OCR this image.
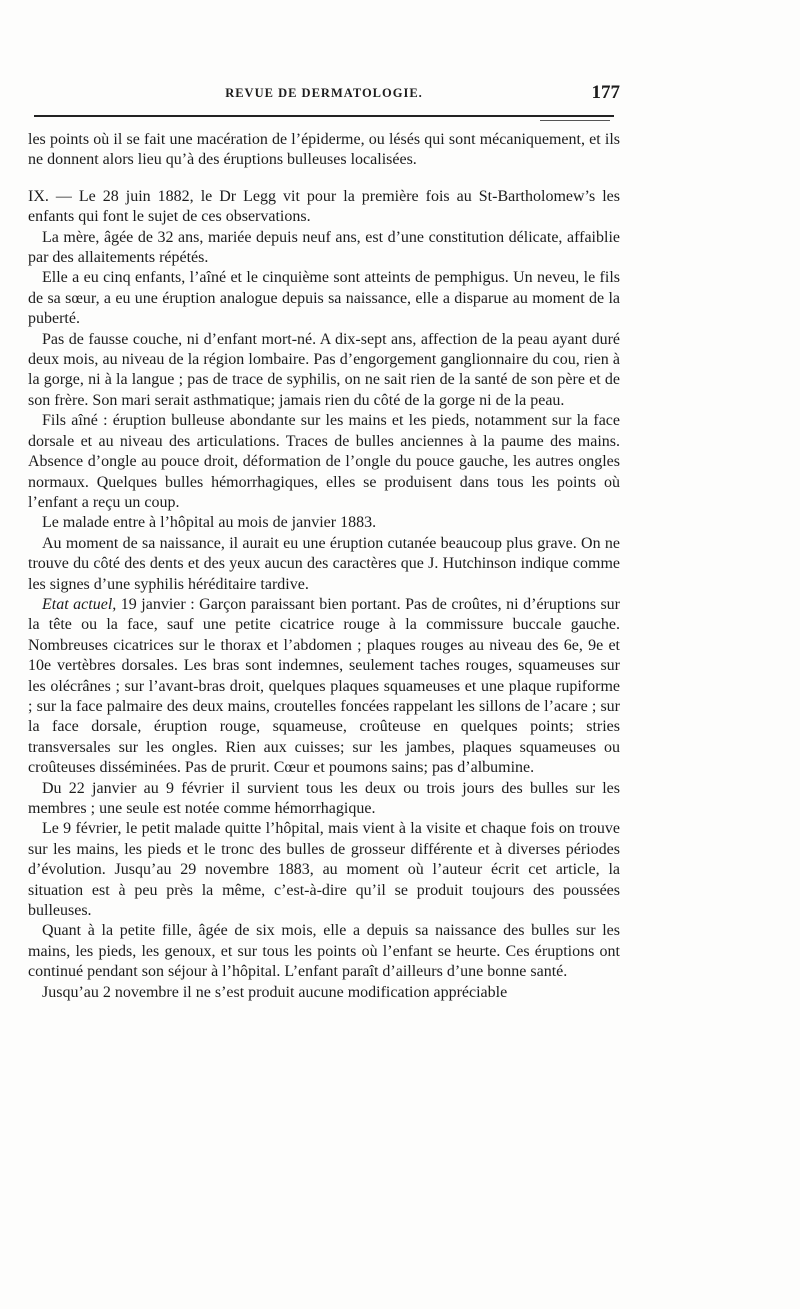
REVUE DE DERMATOLOGIE.	177

les points où il se fait une macération de l’épiderme, ou lésés qui sont mécaniquement, et ils ne donnent alors lieu qu’à des éruptions bulleuses localisées.

IX. — Le 28 juin 1882, le Dr Legg vit pour la première fois au St-Bartholomew’s les enfants qui font le sujet de ces observations.

La mère, âgée de 32 ans, mariée depuis neuf ans, est d’une constitution délicate, affaiblie par des allaitements répétés.

Elle a eu cinq enfants, l’aîné et le cinquième sont atteints de pemphigus. Un neveu, le fils de sa sœur, a eu une éruption analogue depuis sa naissance, elle a disparue au moment de la puberté.

Pas de fausse couche, ni d’enfant mort-né. A dix-sept ans, affection de la peau ayant duré deux mois, au niveau de la région lombaire. Pas d’engorgement ganglionnaire du cou, rien à la gorge, ni à la langue ; pas de trace de syphilis, on ne sait rien de la santé de son père et de son frère. Son mari serait asthmatique; jamais rien du côté de la gorge ni de la peau.

Fils aîné : éruption bulleuse abondante sur les mains et les pieds, notamment sur la face dorsale et au niveau des articulations. Traces de bulles anciennes à la paume des mains. Absence d’ongle au pouce droit, déformation de l’ongle du pouce gauche, les autres ongles normaux. Quelques bulles hémorrhagiques, elles se produisent dans tous les points où l’enfant a reçu un coup.

Le malade entre à l’hôpital au mois de janvier 1883.

Au moment de sa naissance, il aurait eu une éruption cutanée beaucoup plus grave. On ne trouve du côté des dents et des yeux aucun des caractères que J. Hutchinson indique comme les signes d’une syphilis héréditaire tardive.

Etat actuel, 19 janvier : Garçon paraissant bien portant. Pas de croûtes, ni d’éruptions sur la tête ou la face, sauf une petite cicatrice rouge à la commissure buccale gauche. Nombreuses cicatrices sur le thorax et l’abdomen ; plaques rouges au niveau des 6e, 9e et 10e vertèbres dorsales. Les bras sont indemnes, seulement taches rouges, squameuses sur les olécrânes ; sur l’avant-bras droit, quelques plaques squameuses et une plaque rupiforme ; sur la face palmaire des deux mains, croutelles foncées rappelant les sillons de l’acare ; sur la face dorsale, éruption rouge, squameuse, croûteuse en quelques points; stries transversales sur les ongles. Rien aux cuisses; sur les jambes, plaques squameuses ou croûteuses disséminées. Pas de prurit. Cœur et poumons sains; pas d’albumine.

Du 22 janvier au 9 février il survient tous les deux ou trois jours des bulles sur les membres ; une seule est notée comme hémorrhagique.

Le 9 février, le petit malade quitte l’hôpital, mais vient à la visite et chaque fois on trouve sur les mains, les pieds et le tronc des bulles de grosseur différente et à diverses périodes d’évolution. Jusqu’au 29 novembre 1883, au moment où l’auteur écrit cet article, la situation est à peu près la même, c’est-à-dire qu’il se produit toujours des poussées bulleuses.

Quant à la petite fille, âgée de six mois, elle a depuis sa naissance des bulles sur les mains, les pieds, les genoux, et sur tous les points où l’enfant se heurte. Ces éruptions ont continué pendant son séjour à l’hôpital. L’enfant paraît d’ailleurs d’une bonne santé.

Jusqu’au 2 novembre il ne s’est produit aucune modification appréciable
